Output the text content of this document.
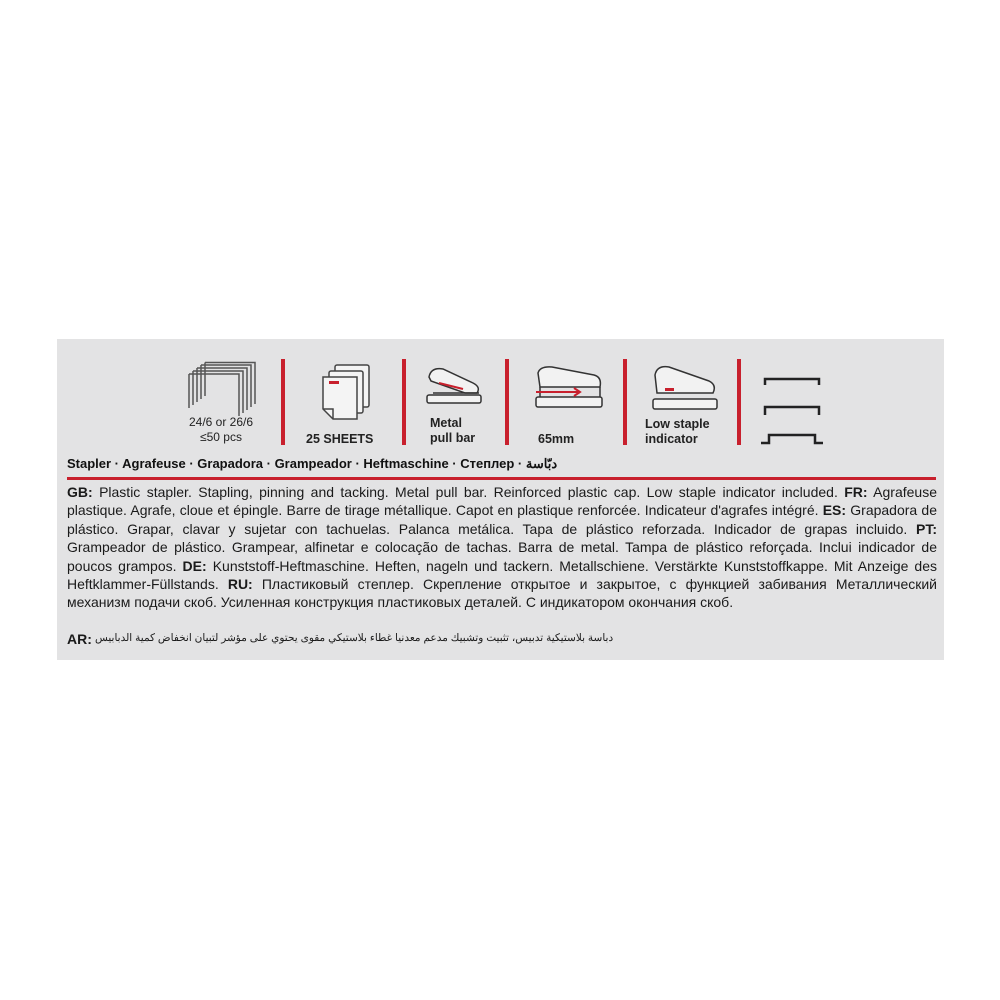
24/6 or 26/6
≤50 pcs	25 SHEETS
Metal
pull bar	65mm
Low staple
indicator
Stapler · Agrafeuse · Grapadora · Grampeador · Heftmaschine · Степлер · دبّاسة
GB: Plastic stapler. Stapling, pinning and tacking. Metal pull bar. Reinforced plastic cap. Low staple indicator included. FR: Agrafeuse plastique. Agrafe, cloue et épingle. Barre de tirage métallique. Capot en plastique renforcée. Indicateur d'agrafes intégré. ES: Grapadora de plástico. Grapar, clavar y sujetar con tachuelas. Palanca metálica. Tapa de plástico reforzada. Indicador de grapas incluido. PT: Grampeador de plástico. Grampear, alfinetar e colocação de tachas. Barra de metal. Tampa de plástico reforçada. Inclui indicador de poucos grampos. DE: Kunststoff-Heftmaschine. Heften, nageln und tackern. Metallschiene. Verstärkte Kunststoffkappe. Mit Anzeige des Heftklammer-Füllstands. RU: Пластиковый степлер. Скрепление открытое и закрытое, с функцией забивания Металлический механизм подачи скоб. Усиленная конструкция пластиковых деталей. С индикатором окончания скоб.
AR: دباسة بلاستيكية تدبيس، تثبيت وتشبيك مدعم معدنيا غطاء بلاستيكي مقوى يحتوي على مؤشر لتبيان انخفاض كمية الدبابيس
